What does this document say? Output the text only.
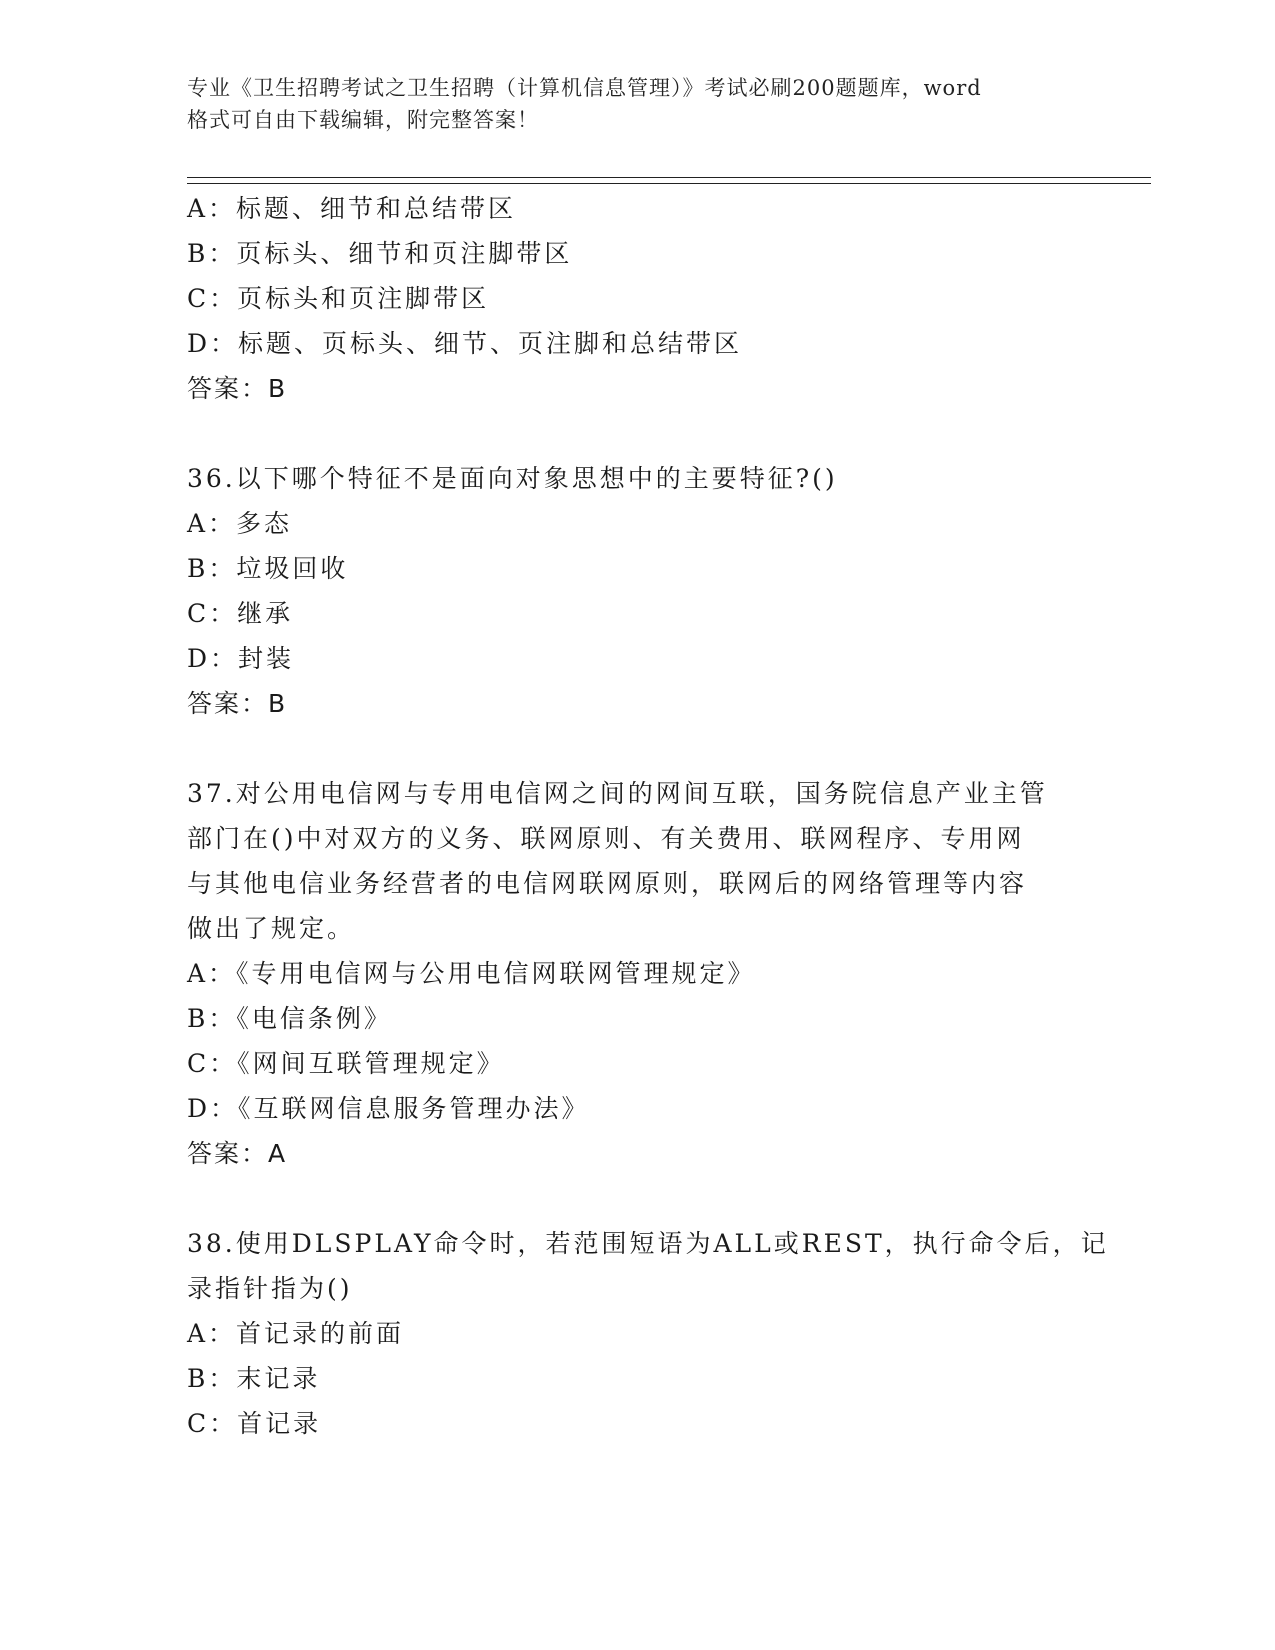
专业《卫生招聘考试之卫生招聘（计算机信息管理）》考试必刷200题题库，word
格式可自由下载编辑，附完整答案！
A：标题、细节和总结带区
B：页标头、细节和页注脚带区
C：页标头和页注脚带区
D：标题、页标头、细节、页注脚和总结带区
答案：B
36.以下哪个特征不是面向对象思想中的主要特征?()
A：多态
B：垃圾回收
C：继承
D：封装
答案：B
37.对公用电信网与专用电信网之间的网间互联，国务院信息产业主管
部门在()中对双方的义务、联网原则、有关费用、联网程序、专用网
与其他电信业务经营者的电信网联网原则，联网后的网络管理等内容
做出了规定。
A：《专用电信网与公用电信网联网管理规定》
B：《电信条例》
C：《网间互联管理规定》
D：《互联网信息服务管理办法》
答案：A
38.使用DLSPLAY命令时，若范围短语为ALL或REST，执行命令后，记
录指针指为()
A：首记录的前面
B：末记录
C：首记录
